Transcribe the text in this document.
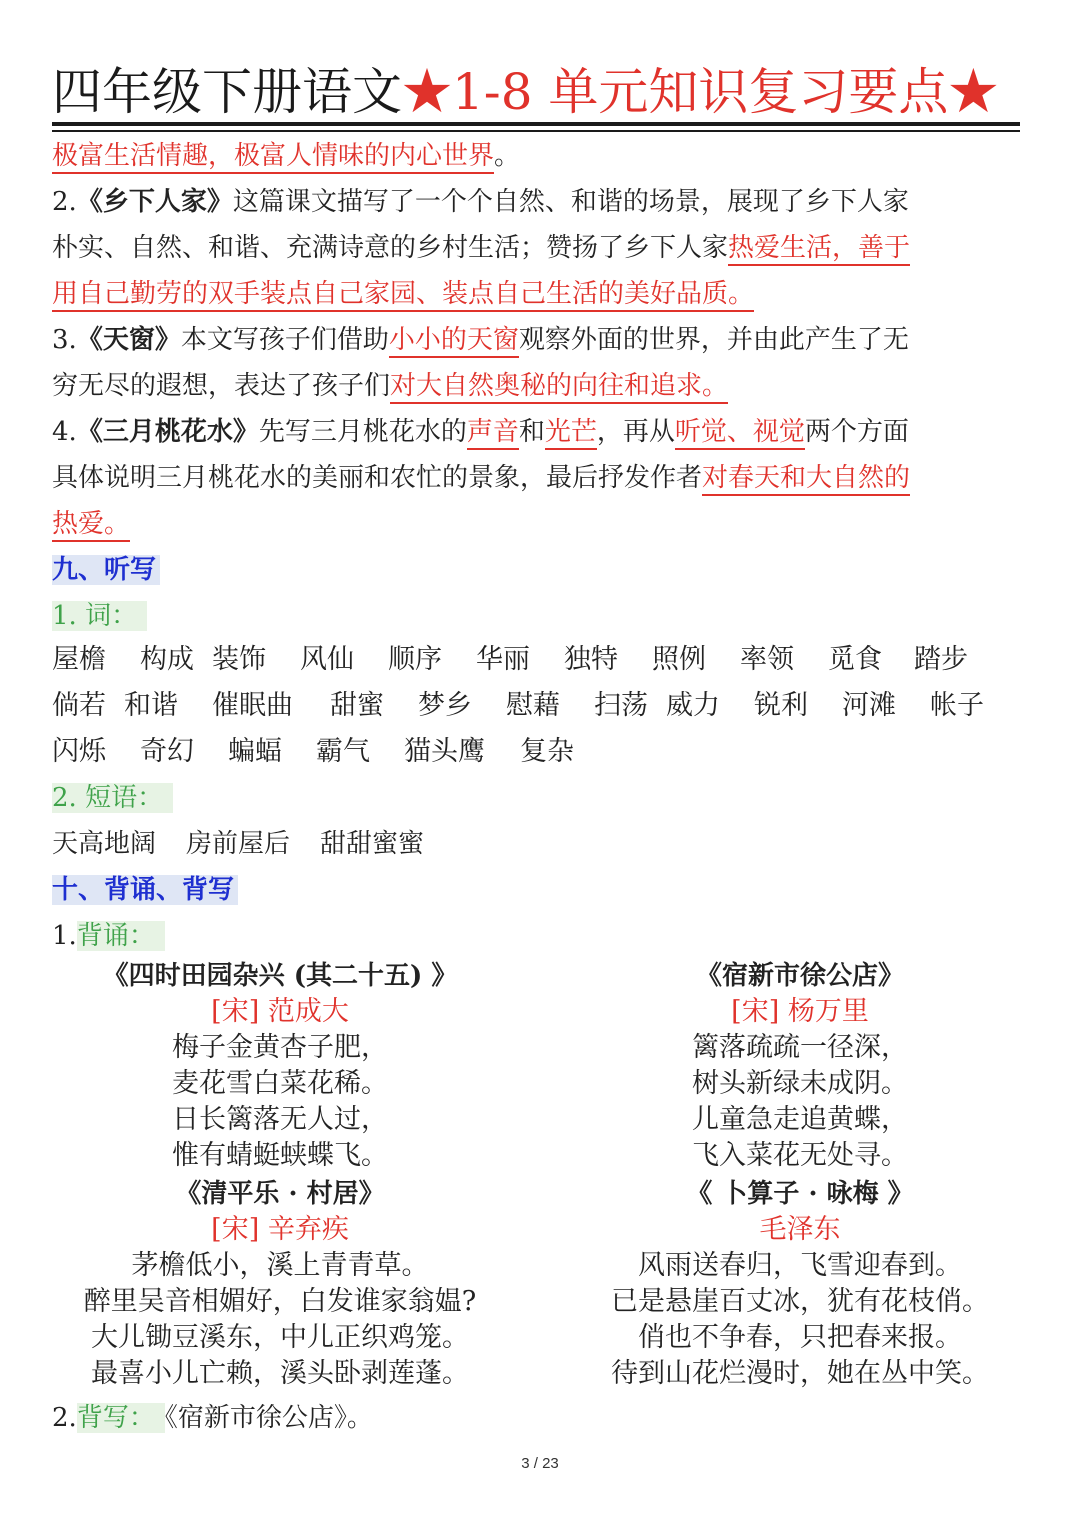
四年级下册语文★1-8 单元知识复习要点★
极富生活情趣，极富人情味的内心世界。
2.《乡下人家》这篇课文描写了一个个自然、和谐的场景，展现了乡下人家
朴实、自然、和谐、充满诗意的乡村生活；赞扬了乡下人家热爱生活，善于
用自己勤劳的双手装点自己家园、装点自己生活的美好品质。
3.《天窗》本文写孩子们借助小小的天窗观察外面的世界，并由此产生了无
穷无尽的遐想，表达了孩子们对大自然奥秘的向往和追求。
4.《三月桃花水》先写三月桃花水的声音和光芒，再从听觉、视觉两个方面
具体说明三月桃花水的美丽和农忙的景象，最后抒发作者对春天和大自然的
热爱。
九、听写
1. 词：
屋檐 构成 装饰 风仙 顺序 华丽 独特 照例 率领 觅食 踏步
倘若 和谐 催眠曲 甜蜜 梦乡 慰藉 扫荡 威力 锐利 河滩 帐子
闪烁 奇幻 蝙蝠 霸气 猫头鹰 复杂
2. 短语：
天高地阔 房前屋后 甜甜蜜蜜
十、背诵、背写
1.背诵：
《四时田园杂兴 (其二十五) 》
[宋] 范成大
梅子金黄杏子肥，
麦花雪白菜花稀。
日长篱落无人过，
惟有蜻蜓蛱蝶飞。
《宿新市徐公店》
[宋] 杨万里
篱落疏疏一径深，
树头新绿未成阴。
儿童急走追黄蝶，
飞入菜花无处寻。
《清平乐 · 村居》
[宋] 辛弃疾
茅檐低小，溪上青青草。
醉里吴音相媚好，白发谁家翁媪?
大儿锄豆溪东，中儿正织鸡笼。
最喜小儿亡赖，溪头卧剥莲蓬。
《 卜算子 · 咏梅 》
毛泽东
风雨送春归，飞雪迎春到。
已是悬崖百丈冰，犹有花枝俏。
俏也不争春，只把春来报。
待到山花烂漫时，她在丛中笑。
2.背写： 《宿新市徐公店》。
3 / 23
